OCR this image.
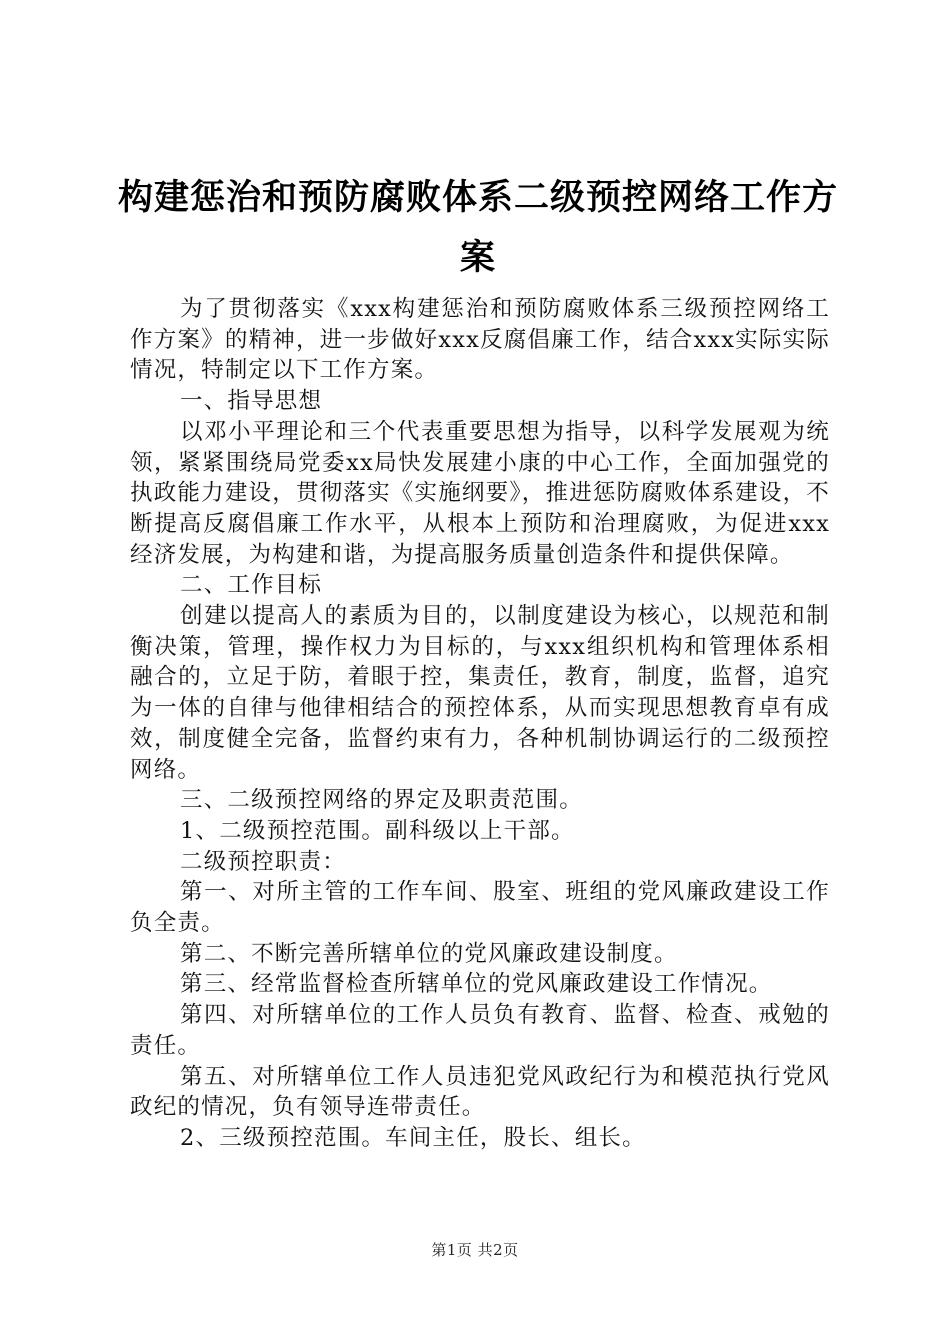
构建惩治和预防腐败体系二级预控网络工作方案

为了贯彻落实《xxx构建惩治和预防腐败体系三级预控网络工作方案》的精神，进一步做好xxx反腐倡廉工作，结合xxx实际实际情况，特制定以下工作方案。

一、指导思想

以邓小平理论和三个代表重要思想为指导，以科学发展观为统领，紧紧围绕局党委xx局快发展建小康的中心工作，全面加强党的执政能力建设，贯彻落实《实施纲要》，推进惩防腐败体系建设，不断提高反腐倡廉工作水平，从根本上预防和治理腐败，为促进xxx经济发展，为构建和谐，为提高服务质量创造条件和提供保障。

二、工作目标

创建以提高人的素质为目的，以制度建设为核心，以规范和制衡决策，管理，操作权力为目标的，与xxx组织机构和管理体系相融合的，立足于防，着眼于控，集责任，教育，制度，监督，追究为一体的自律与他律相结合的预控体系，从而实现思想教育卓有成效，制度健全完备，监督约束有力，各种机制协调运行的二级预控网络。

三、二级预控网络的界定及职责范围。

1、二级预控范围。副科级以上干部。

二级预控职责：

第一、对所主管的工作车间、股室、班组的党风廉政建设工作负全责。

第二、不断完善所辖单位的党风廉政建设制度。

第三、经常监督检查所辖单位的党风廉政建设工作情况。

第四、对所辖单位的工作人员负有教育、监督、检查、戒勉的责任。

第五、对所辖单位工作人员违犯党风政纪行为和模范执行党风政纪的情况，负有领导连带责任。

2、三级预控范围。车间主任，股长、组长。

第1页 共2页
